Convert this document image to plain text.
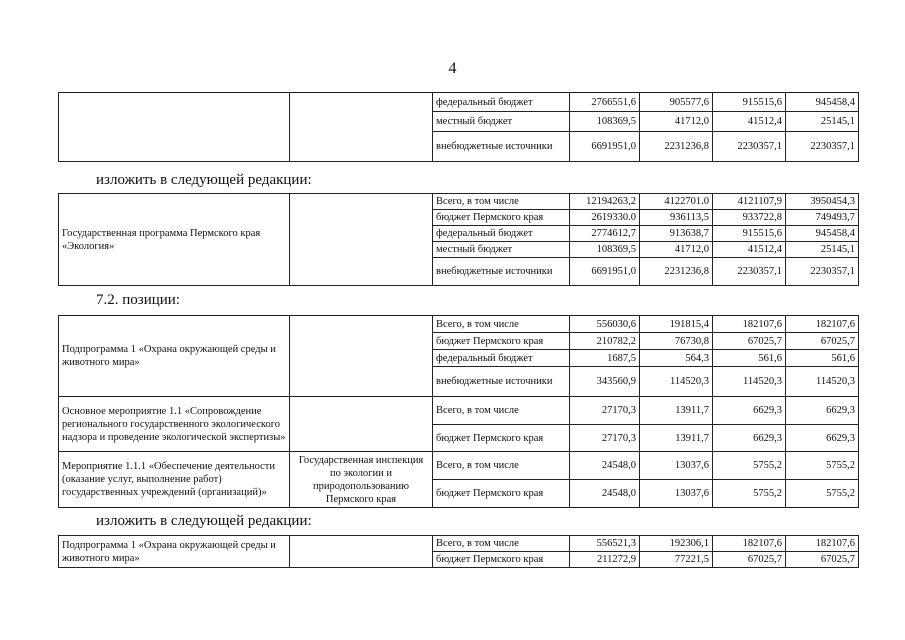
4
		федеральный бюджет	2766551,6	905577,6	915515,6	945458,4
		местный бюджет	108369,5	41712,0	41512,4	25145,1
		внебюджетные источники	6691951,0	2231236,8	2230357,1	2230357,1
изложить в следующей редакции:
Государственная программа Пермского края «Экология»		Всего, в том числе	12194263,2	4122701.0	4121107,9	3950454,3
		бюджет Пермского края	2619330.0	936113,5	933722,8	749493,7
		федеральный бюджет	2774612,7	913638,7	915515,6	945458,4
		местный бюджет	108369,5	41712,0	41512,4	25145,1
		внебюджетные источники	6691951,0	2231236,8	2230357,1	2230357,1
7.2. позиции:
Подпрограмма 1 «Охрана окружающей среды и животного мира»		Всего, в том числе	556030,6	191815,4	182107,6	182107,6
		бюджет Пермского края	210782,2	76730,8	67025,7	67025,7
		федеральный бюджет	1687,5	564,3	561,6	561,6
		внебюджетные источники	343560,9	114520,3	114520,3	114520,3
Основное мероприятие 1.1 «Сопровождение регионального государственного экологического надзора и проведение экологической экспертизы»		Всего, в том числе	27170,3	13911,7	6629,3	6629,3
		бюджет Пермского края	27170,3	13911,7	6629,3	6629,3
Мероприятие 1.1.1 «Обеспечение деятельности (оказание услуг, выполнение работ) государственных учреждений (организаций)»	Государственная инспекция по экологии и природопользованию Пермского края	Всего, в том числе	24548,0	13037,6	5755,2	5755,2
		бюджет Пермского края	24548,0	13037,6	5755,2	5755,2
изложить в следующей редакции:
Подпрограмма 1 «Охрана окружающей среды и животного мира»		Всего, в том числе	556521,3	192306,1	182107,6	182107,6
		бюджет Пермского края	211272,9	77221,5	67025,7	67025,7
